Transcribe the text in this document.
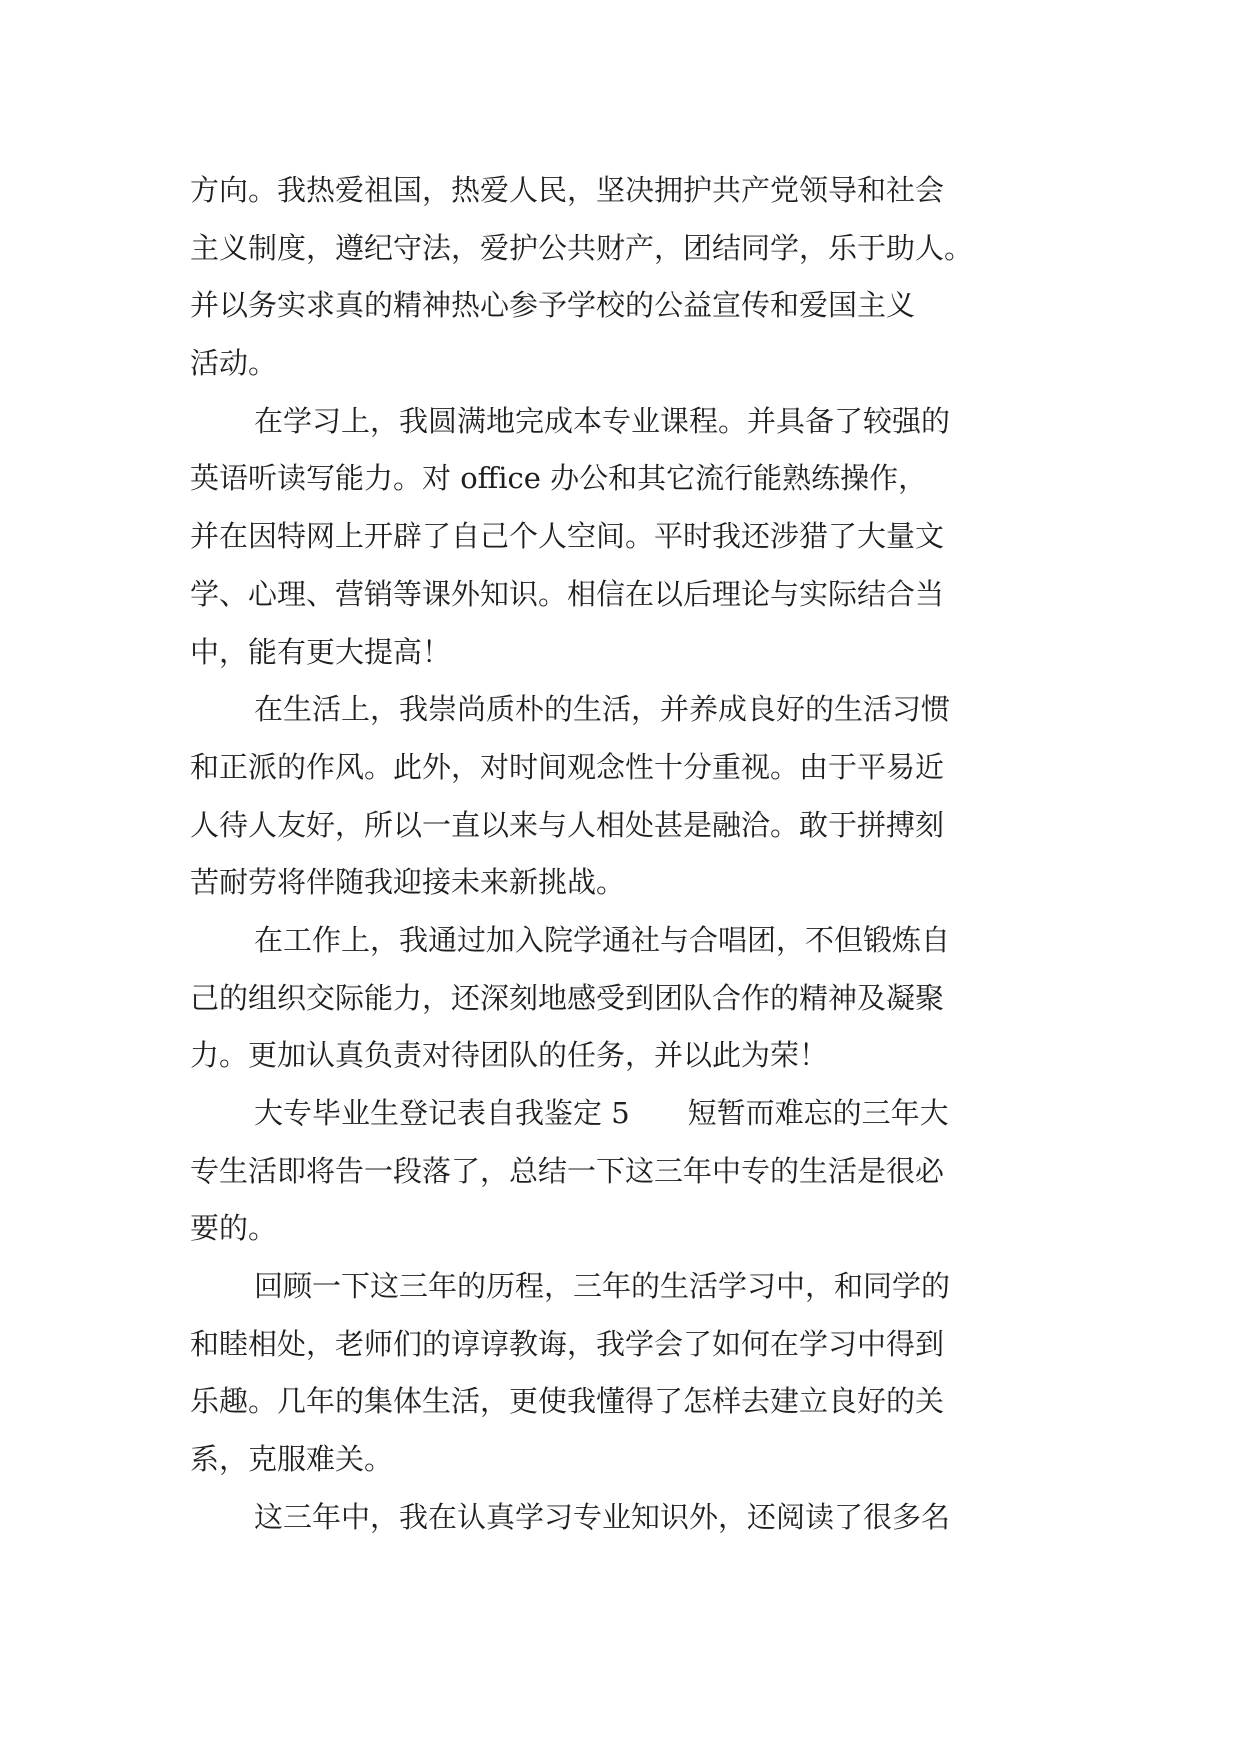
方向。我热爱祖国，热爱人民，坚决拥护共产党领导和社会
主义制度，遵纪守法，爱护公共财产，团结同学，乐于助人。
并以务实求真的精神热心参予学校的公益宣传和爱国主义
活动。
在学习上，我圆满地完成本专业课程。并具备了较强的
英语听读写能力。对 office 办公和其它流行能熟练操作，
并在因特网上开辟了自己个人空间。平时我还涉猎了大量文
学、心理、营销等课外知识。相信在以后理论与实际结合当
中，能有更大提高！
在生活上，我崇尚质朴的生活，并养成良好的生活习惯
和正派的作风。此外，对时间观念性十分重视。由于平易近
人待人友好，所以一直以来与人相处甚是融洽。敢于拼搏刻
苦耐劳将伴随我迎接未来新挑战。
在工作上，我通过加入院学通社与合唱团，不但锻炼自
己的组织交际能力，还深刻地感受到团队合作的精神及凝聚
力。更加认真负责对待团队的任务，并以此为荣！
大专毕业生登记表自我鉴定 5　　短暂而难忘的三年大
专生活即将告一段落了，总结一下这三年中专的生活是很必
要的。
回顾一下这三年的历程，三年的生活学习中，和同学的
和睦相处，老师们的谆谆教诲，我学会了如何在学习中得到
乐趣。几年的集体生活，更使我懂得了怎样去建立良好的关
系，克服难关。
这三年中，我在认真学习专业知识外，还阅读了很多名
